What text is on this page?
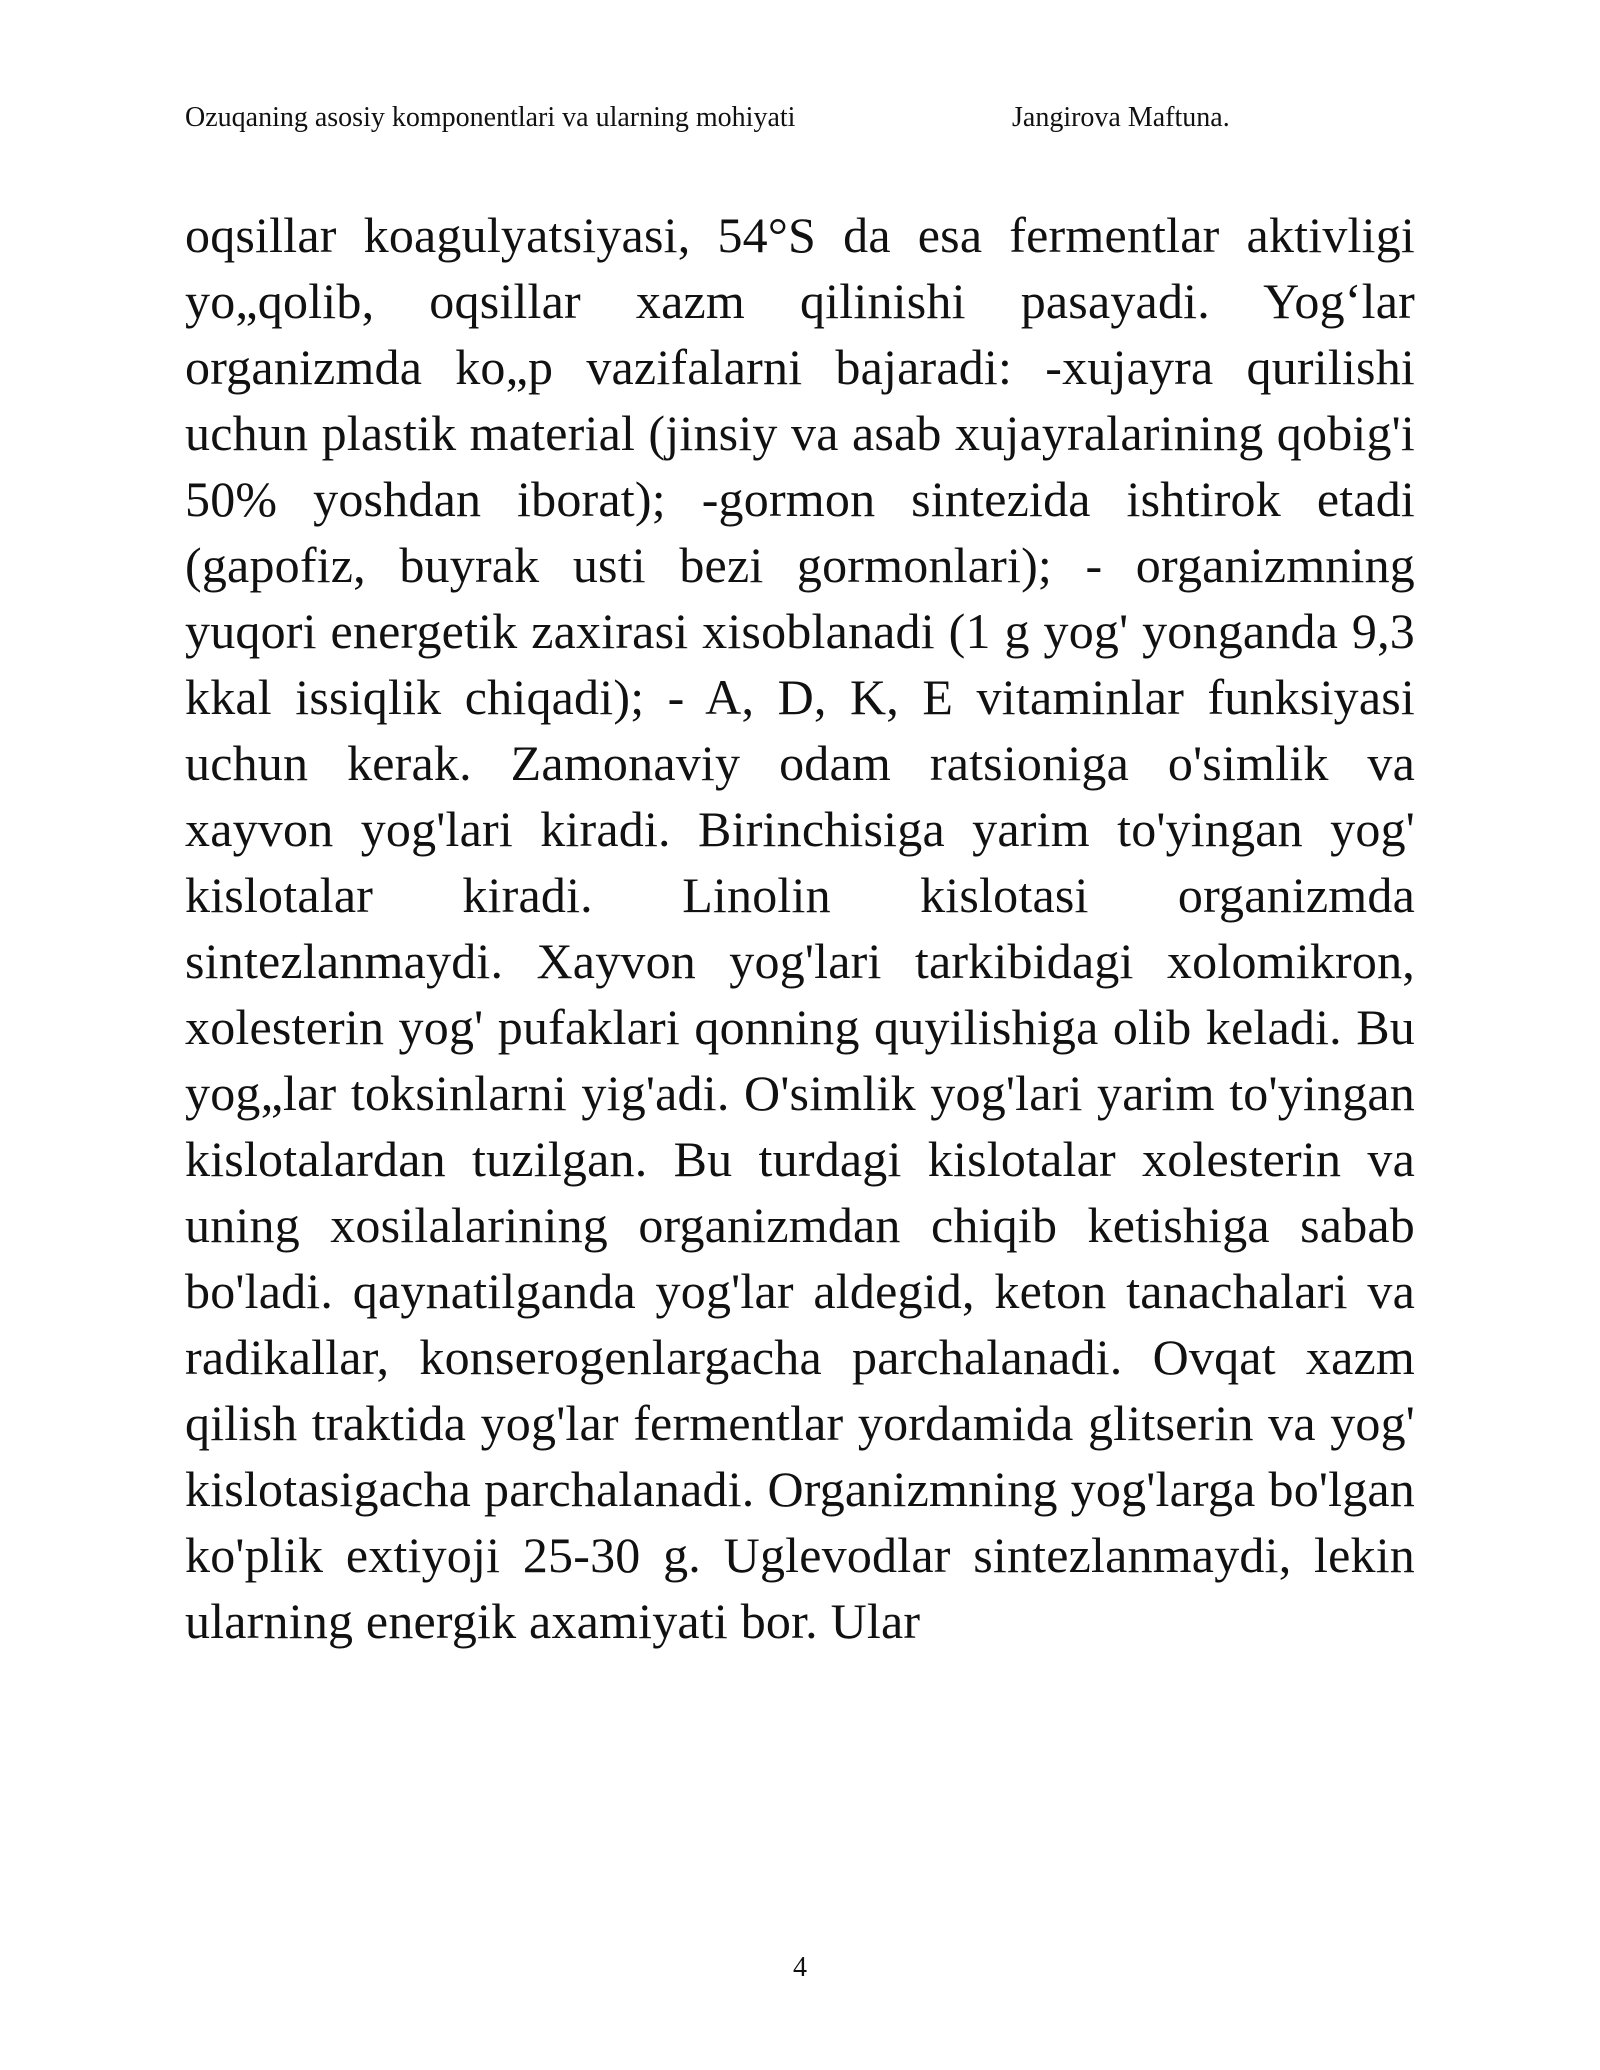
Ozuqaning asosiy komponentlari va ularning mohiyati	Jangirova Maftuna.

oqsillar koagulyatsiyasi, 54°S da esa fermentlar aktivligi yo„qolib, oqsillar xazm qilinishi pasayadi. Yog‘lar organizmda ko„p vazifalarni bajaradi: -xujayra qurilishi uchun plastik material (jinsiy va asab xujayralarining qobig'i 50% yoshdan iborat); -gormon sintezida ishtirok etadi (gapofiz, buyrak usti bezi gormonlari); - organizmning yuqori energetik zaxirasi xisoblanadi (1 g yog' yonganda 9,3 kkal issiqlik chiqadi); - A, D, K, E vitaminlar funksiyasi uchun kerak. Zamonaviy odam ratsioniga o'simlik va xayvon yog'lari kiradi. Birinchisiga yarim to'yingan yog' kislotalar kiradi. Linolin kislotasi organizmda sintezlanmaydi. Xayvon yog'lari tarkibidagi xolomikron, xolesterin yog' pufaklari qonning quyilishiga olib keladi. Bu yog„lar toksinlarni yig'adi. O'simlik yog'lari yarim to'yingan kislotalardan tuzilgan. Bu turdagi kislotalar xolesterin va uning xosilalarining organizmdan chiqib ketishiga sabab bo'ladi. qaynatilganda yog'lar aldegid, keton tanachalari va radikallar, konserogenlargacha parchalanadi. Ovqat xazm qilish traktida yog'lar fermentlar yordamida glitserin va yog' kislotasigacha parchalanadi. Organizmning yog'larga bo'lgan ko'plik extiyoji 25-30 g. Uglevodlar sintezlanmaydi, lekin ularning energik axamiyati bor. Ular

4
